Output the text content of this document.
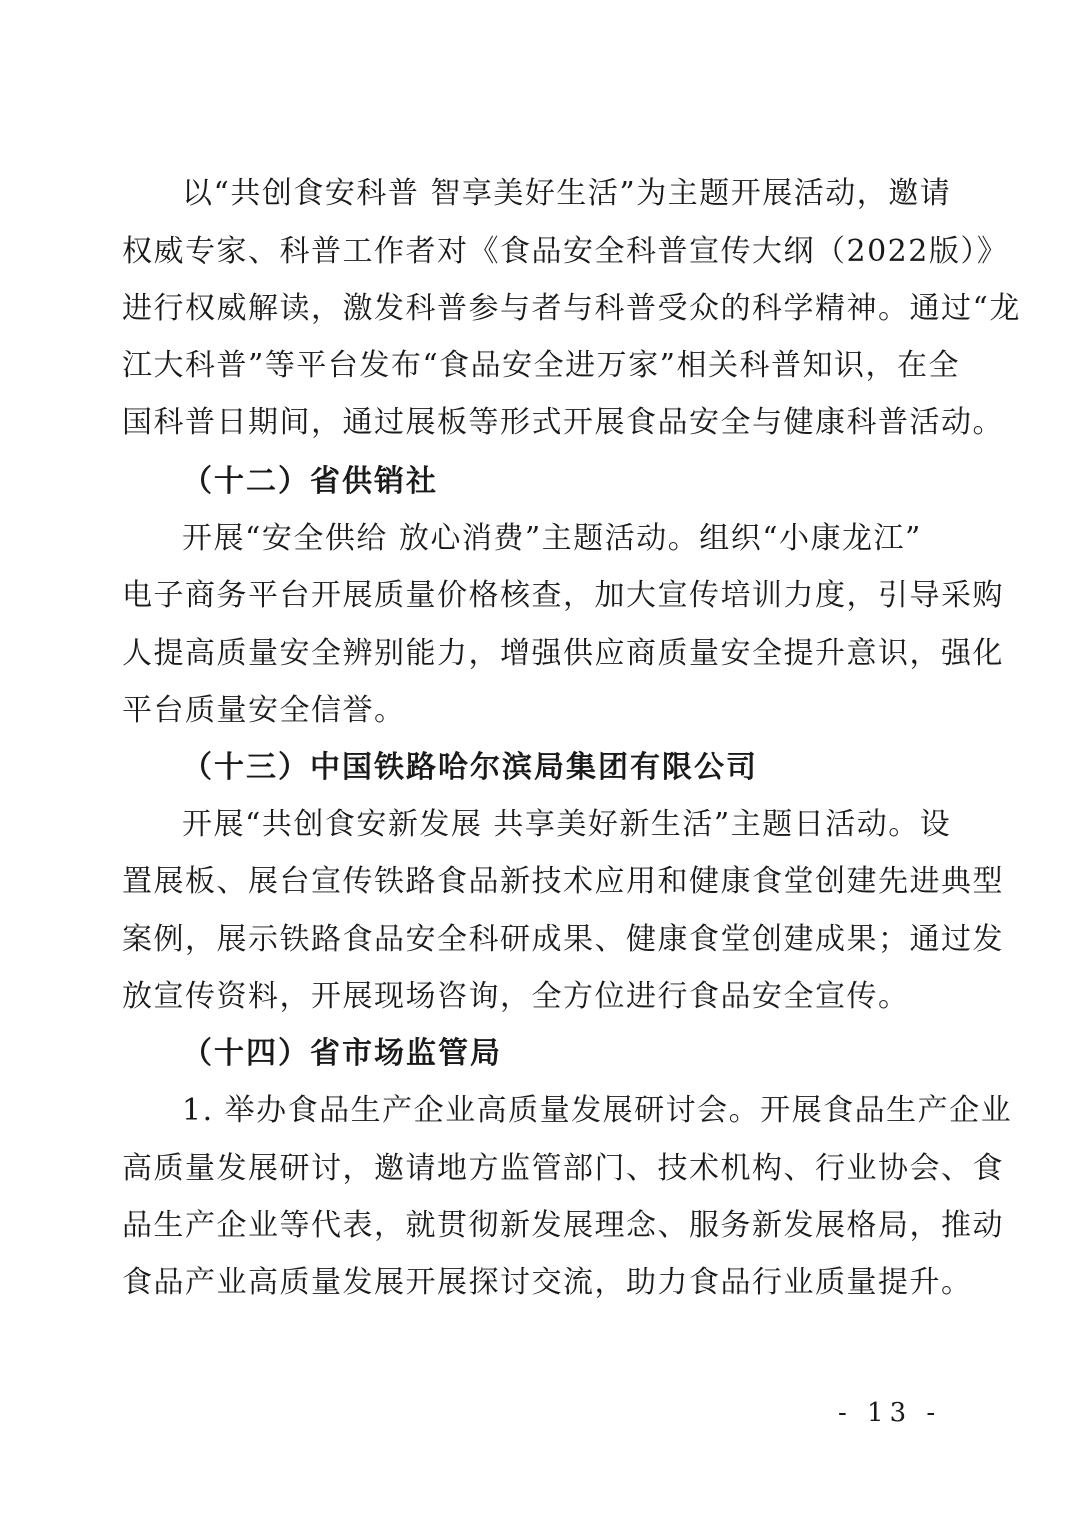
以“共创食安科普 智享美好生活”为主题开展活动，邀请
权威专家、科普工作者对《食品安全科普宣传大纲（2022版）》
进行权威解读，激发科普参与者与科普受众的科学精神。通过“龙
江大科普”等平台发布“食品安全进万家”相关科普知识，在全
国科普日期间，通过展板等形式开展食品安全与健康科普活动。
（十二）省供销社
开展“安全供给 放心消费”主题活动。组织“小康龙江”
电子商务平台开展质量价格核查，加大宣传培训力度，引导采购
人提高质量安全辨别能力，增强供应商质量安全提升意识，强化
平台质量安全信誉。
（十三）中国铁路哈尔滨局集团有限公司
开展“共创食安新发展 共享美好新生活”主题日活动。设
置展板、展台宣传铁路食品新技术应用和健康食堂创建先进典型
案例，展示铁路食品安全科研成果、健康食堂创建成果；通过发
放宣传资料，开展现场咨询，全方位进行食品安全宣传。
（十四）省市场监管局
1. 举办食品生产企业高质量发展研讨会。开展食品生产企业
高质量发展研讨，邀请地方监管部门、技术机构、行业协会、食
品生产企业等代表，就贯彻新发展理念、服务新发展格局，推动
食品产业高质量发展开展探讨交流，助力食品行业质量提升。
- 13 -
